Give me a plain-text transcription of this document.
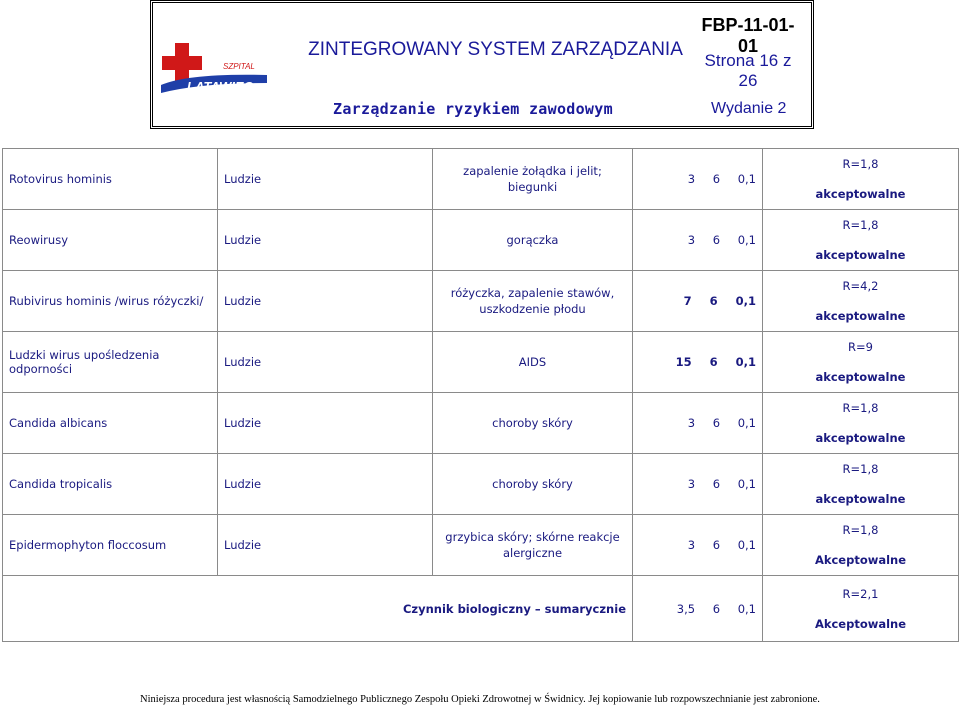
SZPITAL
LATAWIEC
ZINTEGROWANY SYSTEM ZARZĄDZANIA
FBP-11-01-01
Strona 16 z 26
Zarządzanie ryzykiem zawodowym	Wydanie 2
Rotovirus hominis	Ludzie	zapalenie żołądka i jelit; biegunki	3 6 0,1	R=1,8
akceptowalne

Reowirusy	Ludzie	gorączka	3 6 0,1	R=1,8
akceptowalne

Rubivirus hominis /wirus różyczki/	Ludzie	różyczka, zapalenie stawów, uszkodzenie płodu	7 6 0,1	R=4,2
akceptowalne

Ludzki wirus upośledzenia odporności	Ludzie	AIDS	15 6 0,1	R=9
akceptowalne

Candida albicans	Ludzie	choroby skóry	3 6 0,1	R=1,8
akceptowalne

Candida tropicalis	Ludzie	choroby skóry	3 6 0,1	R=1,8
akceptowalne

Epidermophyton floccosum	Ludzie	grzybica skóry; skórne reakcje alergiczne	3 6 0,1	R=1,8
Akceptowalne

Czynnik biologiczny – sumarycznie			3,5 6 0,1	R=2,1
Akceptowalne
Niniejsza procedura jest własnością Samodzielnego Publicznego Zespołu Opieki Zdrowotnej w Świdnicy. Jej kopiowanie lub rozpowszechnianie jest zabronione.
